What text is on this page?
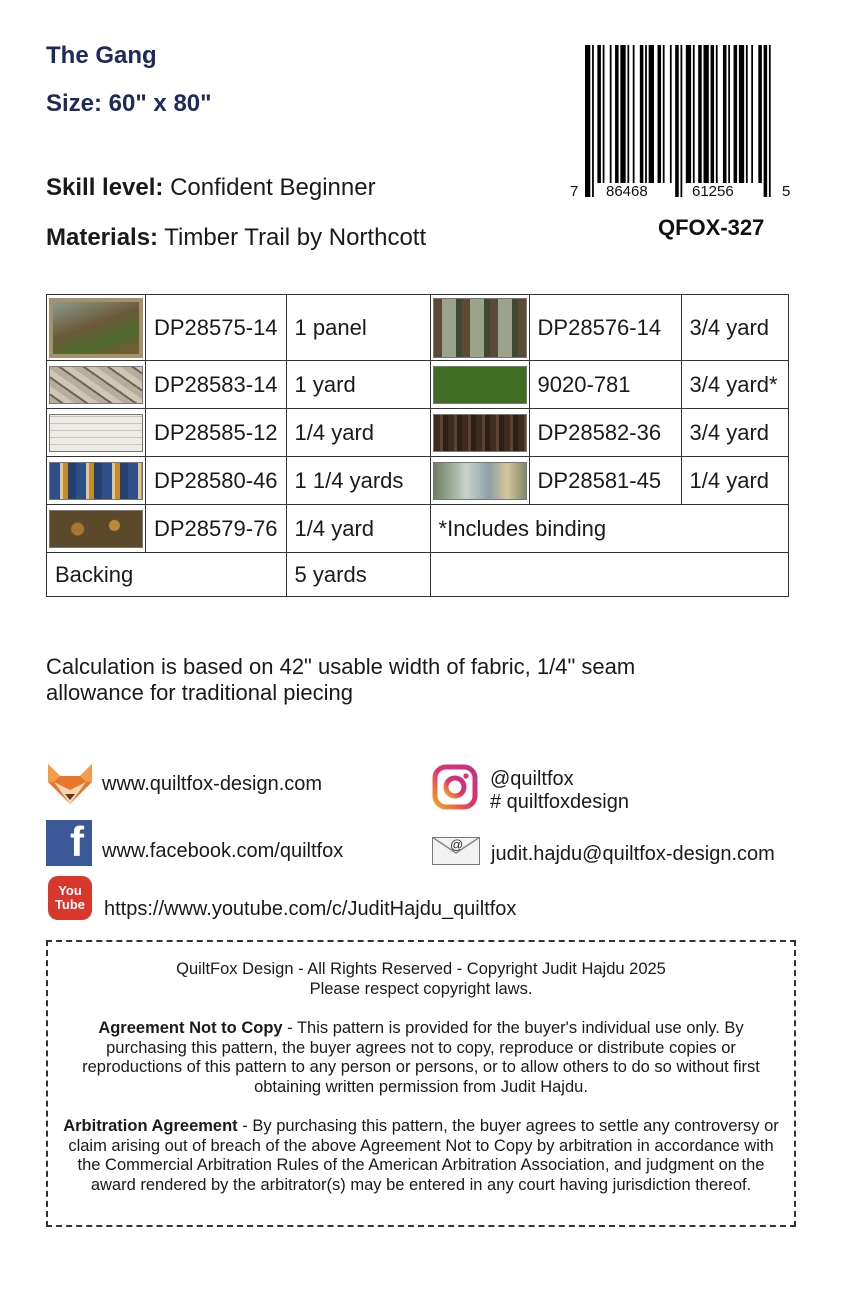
The Gang
Size: 60" x 80"
Skill level: Confident Beginner
Materials: Timber Trail by Northcott
7 86468	61256	5
QFOX-327
	DP28575-14	1 panel		DP28576-14	3/4 yard

	DP28583-14	1 yard		9020-781	3/4 yard*

	DP28585-12	1/4 yard		DP28582-36	3/4 yard

	DP28580-46	1 1/4 yards		DP28581-45	1/4 yard

	DP28579-76	1/4 yard	*Includes binding		
Backing		5 yards			
Calculation is based on 42" usable width of fabric, 1/4" seam
allowance for traditional piecing
www.quiltfox-design.com
f www.facebook.com/quiltfox
You
Tube https://www.youtube.com/c/JuditHajdu_quiltfox
@quiltfox
# quiltfoxdesign
@ judit.hajdu@quiltfox-design.com

QuiltFox Design - All Rights Reserved - Copyright Judit Hajdu 2025
Please respect copyright laws.

Agreement Not to Copy - This pattern is provided for the buyer's individual use only. By purchasing this pattern, the buyer agrees not to copy, reproduce or distribute copies or reproductions of this pattern to any person or persons, or to allow others to do so without first obtaining written permission from Judit Hajdu.

Arbitration Agreement - By purchasing this pattern, the buyer agrees to settle any controversy or claim arising out of breach of the above Agreement Not to Copy by arbitration in accordance with the Commercial Arbitration Rules of the American Arbitration Association, and judgment on the award rendered by the arbitrator(s) may be entered in any court having jurisdiction thereof.
